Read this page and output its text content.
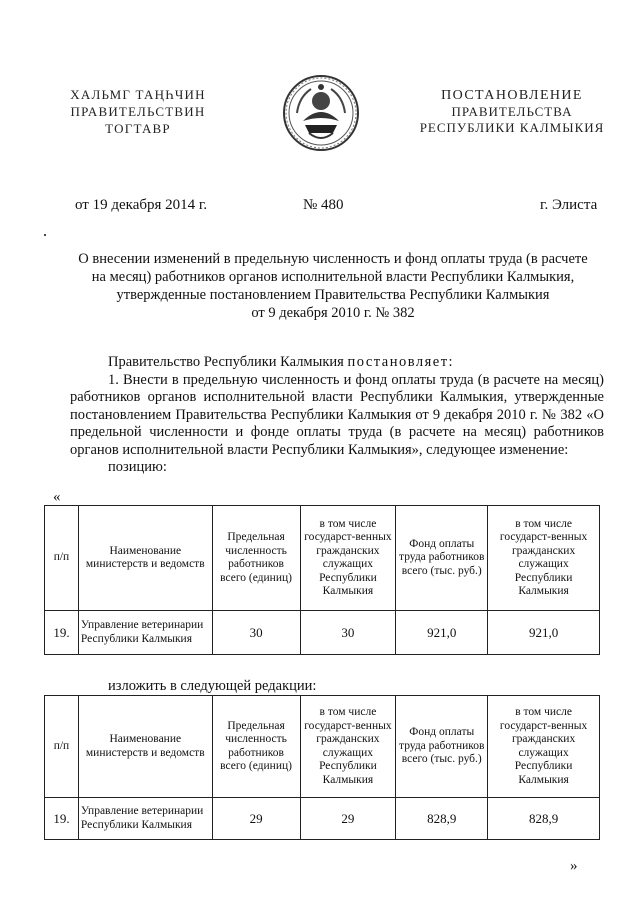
ХАЛЬМГ ТАҢҺЧИН
ПРАВИТЕЛЬСТВИН
ТОГТАВР
ПОСТАНОВЛЕНИЕ
ПРАВИТЕЛЬСТВА
РЕСПУБЛИКИ КАЛМЫКИЯ
от 19 декабря 2014 г.	№ 480	г. Элиста
О внесении изменений в предельную численность и фонд оплаты труда (в расчете
на месяц) работников органов исполнительной власти Республики Калмыкия,
утвержденные постановлением Правительства Республики Калмыкия
от 9 декабря 2010 г. № 382

Правительство Республики Калмыкия постановляет:

1. Внести в предельную численность и фонд оплаты труда (в расчете на месяц) работников органов исполнительной власти Республики Калмыкия, утвержденные постановлением Правительства Республики Калмыкия от 9 декабря 2010 г. № 382 «О предельной численности и фонде оплаты труда (в расчете на месяц) работников органов исполнительной власти Республики Калмыкия», следующее изменение:

позицию:

«
п/п	Наименование министерств и ведомств	Предельная численность работников всего (единиц)	в том числе государст-венных гражданских служащих Республики Калмыкия	Фонд оплаты труда работников всего (тыс. руб.)	в том числе государст-венных гражданских служащих Республики Калмыкия
19.	Управление ветеринарии Республики Калмыкия	30	30	921,0	921,0
изложить в следующей редакции:
п/п	Наименование министерств и ведомств	Предельная численность работников всего (единиц)	в том числе государст-венных гражданских служащих Республики Калмыкия	Фонд оплаты труда работников всего (тыс. руб.)	в том числе государст-венных гражданских служащих Республики Калмыкия
19.	Управление ветеринарии Республики Калмыкия	29	29	828,9	828,9
»
